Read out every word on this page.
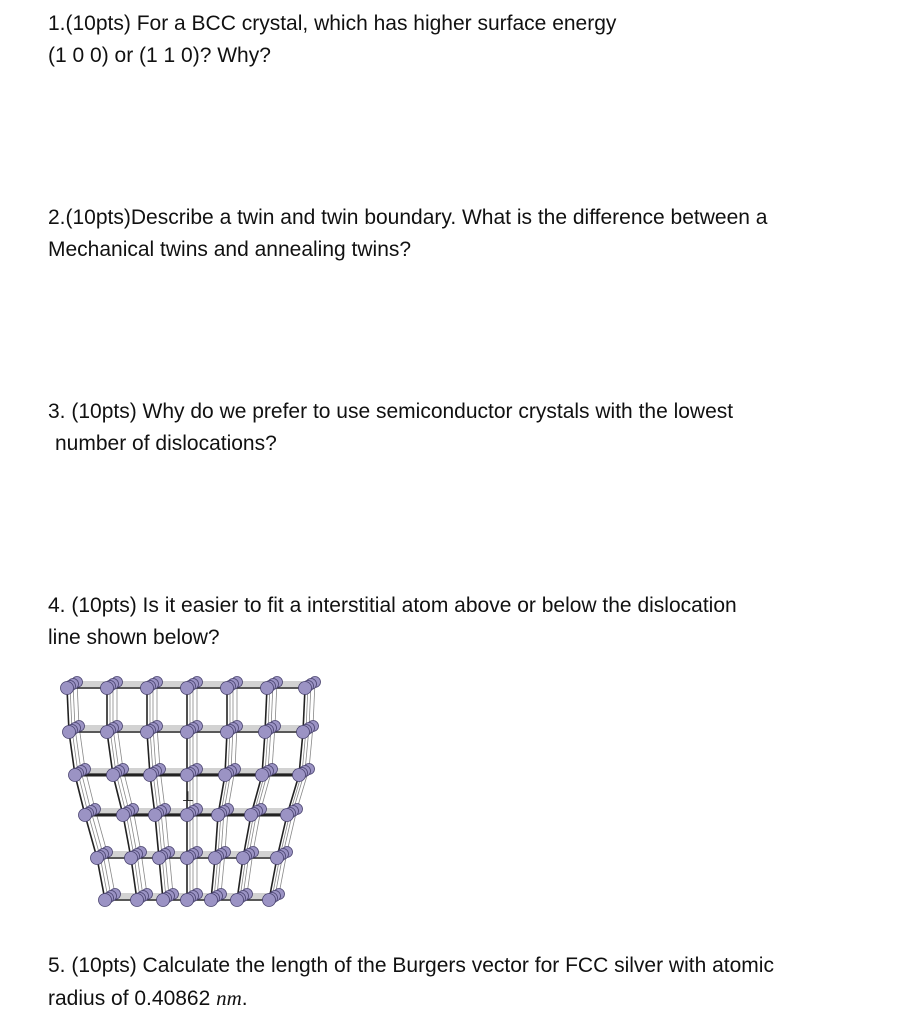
1.(10pts) For a BCC crystal, which has higher surface energy
(1 0 0) or (1 1 0)? Why?
2.(10pts)Describe a twin and twin boundary. What is the difference between a
Mechanical twins and annealing twins?
3. (10pts) Why do we prefer to use semiconductor crystals with the lowest
number of dislocations?
4. (10pts) Is it easier to fit a interstitial atom above or below the dislocation
line shown below?
⊥
5. (10pts) Calculate the length of the Burgers vector for FCC silver with atomic
radius of 0.40862 nm.
